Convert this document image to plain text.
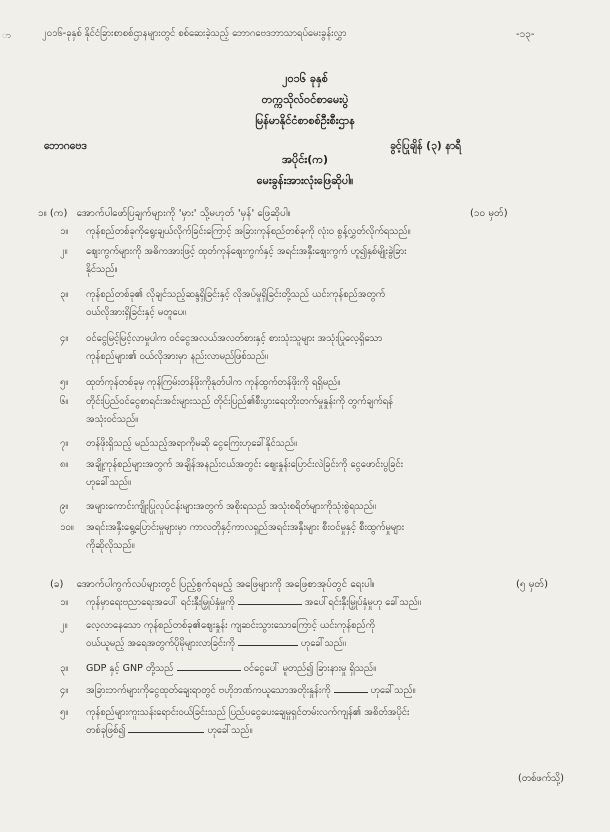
ာ	၂၀၁၆-ခုနှစ် နိုင်ငံခြားစာစစ်ဌာနများတွင် စစ်ဆေးခဲ့သည့် ဘောဂဗေဒဘာသာရပ်မေးခွန်းလွှာ	-၁၃-
၂၀၁၆ ခုနှစ်
တက္ကသိုလ်ဝင်စာမေးပွဲ
မြန်မာနိုင်ငံစာစစ်ဦးစီးဌာန
ဘောဂဗေဒ	ခွင့်ပြုချိန် (၃) နာရီ
အပိုင်း(က)
မေးခွန်းအားလုံးဖြေဆိုပါ။
၁။ (က) အောက်ပါဖော်ပြချက်များကို 'မှား' သို့မဟုတ် 'မှန်' ဖြေဆိုပါ။	(၁၀ မှတ်)
၁။ ကုန်စည်တစ်ခုကိုရွေးချယ်လိုက်ခြင်းကြောင့် အခြားကုန်စည်တစ်ခုကို လုံးဝ စွန့်လွှတ်လိုက်ရသည်။
၂။ ဈေးကွက်များကို အဓိကအားဖြင့် ထုတ်ကုန်ဈေးကွက်နှင့် အရင်းအနှီးဈေးကွက် ဟူ၍နှစ်မျိုးခွဲခြား
နိုင်သည်။
၃။ ကုန်စည်တစ်ခု၏ လိုချင်သည့်ဆန္ဒရှိခြင်းနှင့် လိုအပ်မှုရှိခြင်းတို့သည် ယင်းကုန်စည်အတွက်
ဝယ်လိုအားရှိခြင်းနှင့် မတူပေ။
၄။ ဝင်ငွေမြင့်မြင့်လာမှုပါက ဝင်ငွေအလယ်အလတ်စားနှင့် စားသုံးသူများ အသုံးပြုလေ့ရှိသော
ကုန်စည်များ၏ ဝယ်လိုအားမှာ နည်းလာမည်ဖြစ်သည်။
၅။ ထုတ်ကုန်တစ်ခုမှ ကုန်ကြမ်းတန်ဖိုးကိုနုတ်ပါက ကုန်ထွက်တန်ဖိုးကို ရရှိမည်။
၆။ တိုင်းပြည်ဝင်ငွေစာရင်းအင်းများသည် တိုင်းပြည်၏စီးပွားရေးတိုးတက်မှုနှုန်းကို တွက်ချက်ရန်
အသုံးဝင်သည်။
၇။ တန်ဖိုးရှိသည့် မည်သည့်အရာကိုမဆို ငွေကြေးဟုခေါ်နိုင်သည်။
၈။ အချို့ကုန်စည်များအတွက် အချိန်အနည်းငယ်အတွင်း ဈေးနှုန်းပြောင်းလဲခြင်းကို ငွေဖောင်းပွခြင်း
ဟုခေါ်သည်။
၉။ အများကောင်းကျိုးပြုလုပ်ငန်းများအတွက် အစိုးရသည် အသုံးစရိတ်များကိုသုံးစွဲရသည်။
၁၀။ အရင်းအနှီးရွေ့ပြောင်းမှုများမှာ ကာလတိုနှင့်ကာလရှည်အရင်းအနှီးများ စီးဝင်မှုနှင့် စီးထွက်မှုများ
ကိုဆိုလိုသည်။
(ခ) အောက်ပါကွက်လပ်များတွင် ပြည့်စွက်ရမည့် အဖြေများကို အဖြေစာအုပ်တွင် ရေးပါ။	(၅ မှတ်)
၁။ ကုန်မှာရေးဗညာရေးအပေါ် ရင်းနှီးမြှုပ်နှံမှုကို	အပေါ်ရင်းနှီးမြှုပ်နှံမှုဟု ခေါ်သည်။
၂။ လေ့လာနေသော ကုန်စည်တစ်ခု၏ဈေးနှုန်း ကျဆင်းသွားသောကြောင့် ယင်းကုန်စည်ကို
ဝယ်ယူမည့် အရေအတွက်ပိုမိုများလာခြင်းကို	ဟုခေါ်သည်။
၃။ GDP နှင့် GNP တို့သည်	ဝင်ငွေပေါ် မူတည်၍ ခြားနားမှု ရှိသည်။
၄။ အခြားဘက်များကိုငွေထုတ်ချေးရာတွင် ဗဟိုဘဏ်ကယူသောအတိုးနှုန်းကို	ဟုခေါ်သည်။
၅။ ကုန်စည်များကူးသန်းရောင်းဝယ်ခြင်းသည် ပြည်ပငွေပေးချေမှုရှင်တမ်းလက်ကျန်၏ အစိတ်အပိုင်း
တစ်ခုဖြစ်၍	ဟုခေါ်သည်။
(တစ်ဖက်သို့)
